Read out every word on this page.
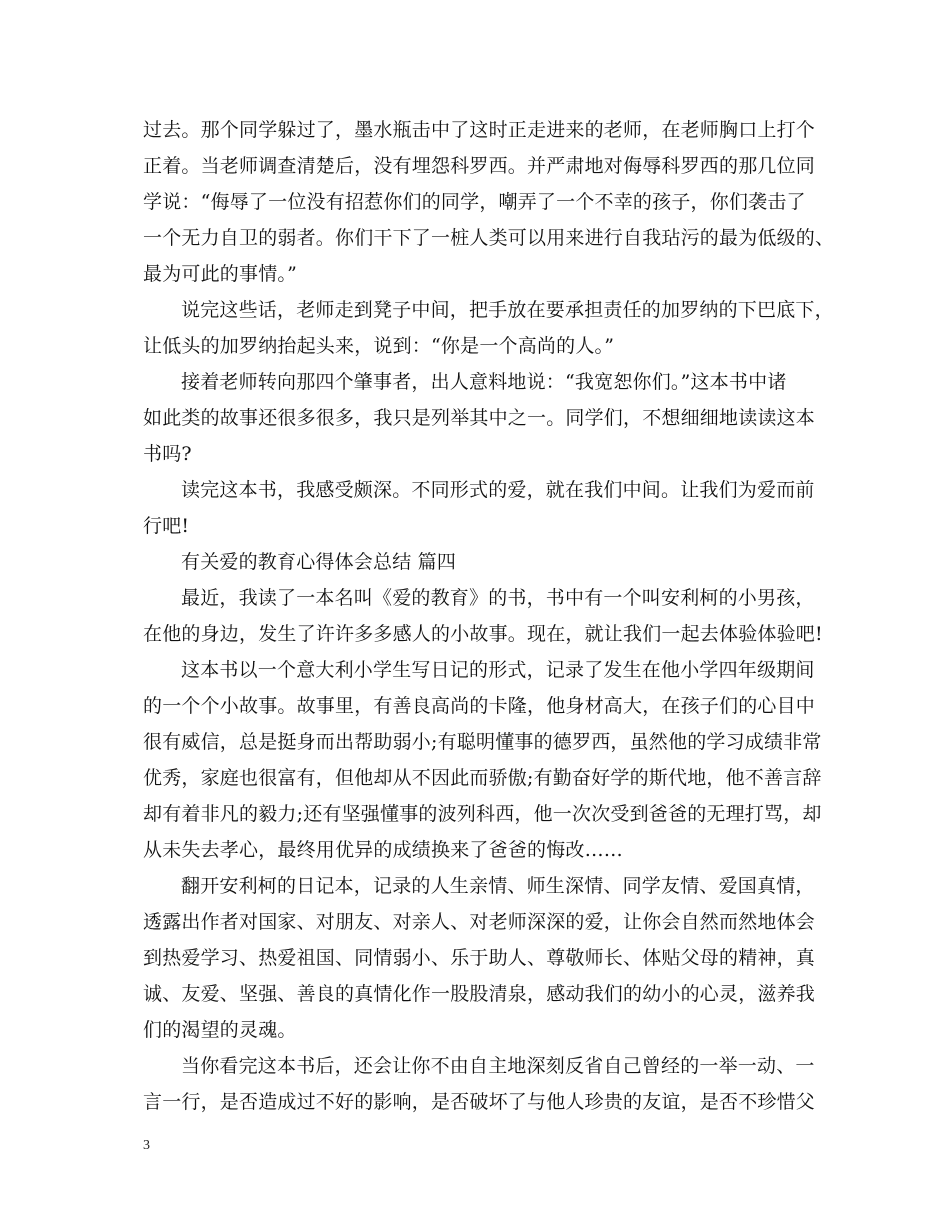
过去。那个同学躲过了，墨水瓶击中了这时正走进来的老师，在老师胸口上打个
正着。当老师调查清楚后，没有埋怨科罗西。并严肃地对侮辱科罗西的那几位同
学说：“侮辱了一位没有招惹你们的同学，嘲弄了一个不幸的孩子，你们袭击了
一个无力自卫的弱者。你们干下了一桩人类可以用来进行自我玷污的最为低级的、
最为可此的事情。”
说完这些话，老师走到凳子中间，把手放在要承担责任的加罗纳的下巴底下，
让低头的加罗纳抬起头来，说到：“你是一个高尚的人。”
接着老师转向那四个肇事者，出人意料地说：“我宽恕你们。”这本书中诸
如此类的故事还很多很多，我只是列举其中之一。同学们，不想细细地读读这本
书吗?
读完这本书，我感受颇深。不同形式的爱，就在我们中间。让我们为爱而前
行吧!
有关爱的教育心得体会总结 篇四
最近，我读了一本名叫《爱的教育》的书，书中有一个叫安利柯的小男孩，
在他的身边，发生了许许多多感人的小故事。现在，就让我们一起去体验体验吧!
这本书以一个意大利小学生写日记的形式，记录了发生在他小学四年级期间
的一个个小故事。故事里，有善良高尚的卡隆，他身材高大，在孩子们的心目中
很有威信，总是挺身而出帮助弱小;有聪明懂事的德罗西，虽然他的学习成绩非常
优秀，家庭也很富有，但他却从不因此而骄傲;有勤奋好学的斯代地，他不善言辞
却有着非凡的毅力;还有坚强懂事的波列科西，他一次次受到爸爸的无理打骂，却
从未失去孝心，最终用优异的成绩换来了爸爸的悔改……
翻开安利柯的日记本，记录的人生亲情、师生深情、同学友情、爱国真情，
透露出作者对国家、对朋友、对亲人、对老师深深的爱，让你会自然而然地体会
到热爱学习、热爱祖国、同情弱小、乐于助人、尊敬师长、体贴父母的精神，真
诚、友爱、坚强、善良的真情化作一股股清泉，感动我们的幼小的心灵，滋养我
们的渴望的灵魂。
当你看完这本书后，还会让你不由自主地深刻反省自己曾经的一举一动、一
言一行，是否造成过不好的影响，是否破坏了与他人珍贵的友谊，是否不珍惜父
3
